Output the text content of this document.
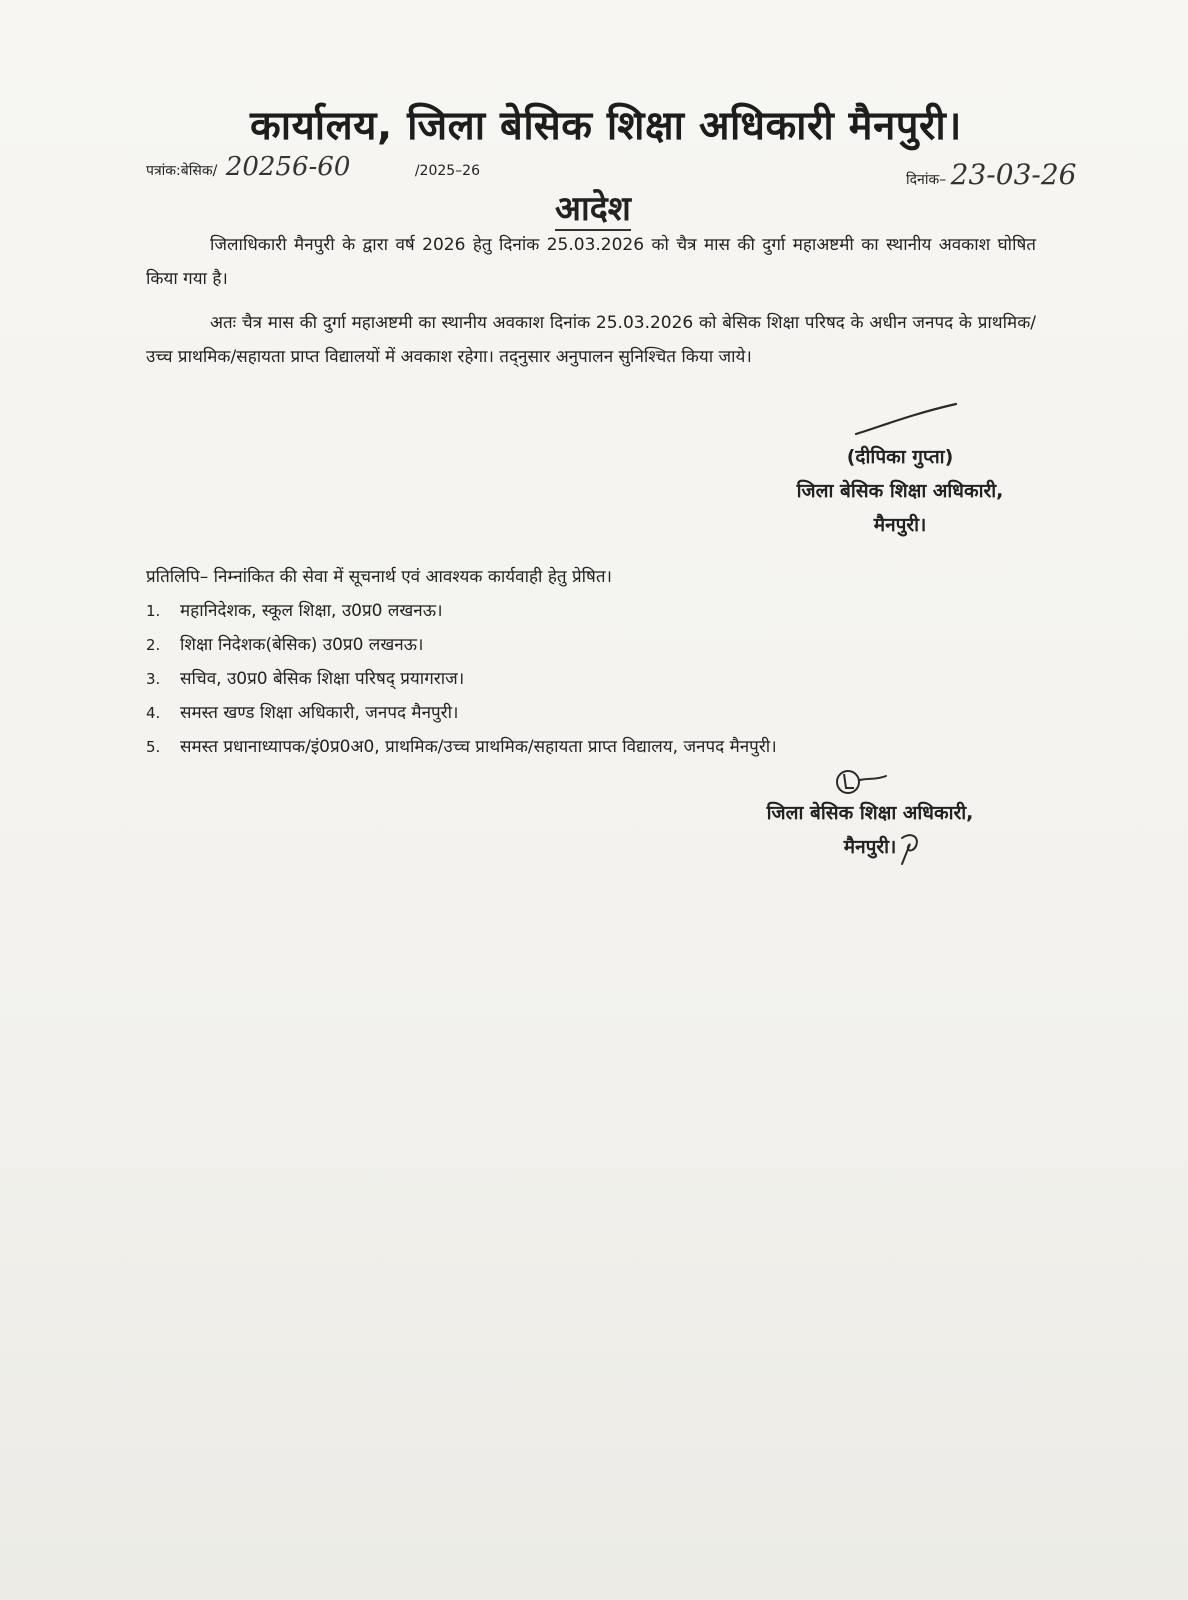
कार्यालय, जिला बेसिक शिक्षा अधिकारी मैनपुरी।
पत्रांक:बेसिक/ 20256-60	/2025–26
दिनांक– 23-03-26
आदेश
जिलाधिकारी मैनपुरी के द्वारा वर्ष 2026 हेतु दिनांक 25.03.2026 को चैत्र मास की दुर्गा महाअष्टमी का स्थानीय अवकाश घोषित किया गया है।
अतः चैत्र मास की दुर्गा महाअष्टमी का स्थानीय अवकाश दिनांक 25.03.2026 को बेसिक शिक्षा परिषद के अधीन जनपद के प्राथमिक/उच्च प्राथमिक/सहायता प्राप्त विद्यालयों में अवकाश रहेगा। तद्नुसार अनुपालन सुनिश्चित किया जाये।
(दीपिका गुप्ता)
जिला बेसिक शिक्षा अधिकारी,
मैनपुरी।

प्रतिलिपि– निम्नांकित की सेवा में सूचनार्थ एवं आवश्यक कार्यवाही हेतु प्रेषित।

1.	महानिदेशक, स्कूल शिक्षा, उ0प्र0 लखनऊ।
2.	शिक्षा निदेशक(बेसिक) उ0प्र0 लखनऊ।
3.	सचिव, उ0प्र0 बेसिक शिक्षा परिषद् प्रयागराज।
4.	समस्त खण्ड शिक्षा अधिकारी, जनपद मैनपुरी।
5.	समस्त प्रधानाध्यापक/इं0प्र0अ0, प्राथमिक/उच्च प्राथमिक/सहायता प्राप्त विद्यालय, जनपद मैनपुरी।
जिला बेसिक शिक्षा अधिकारी,
मैनपुरी।
